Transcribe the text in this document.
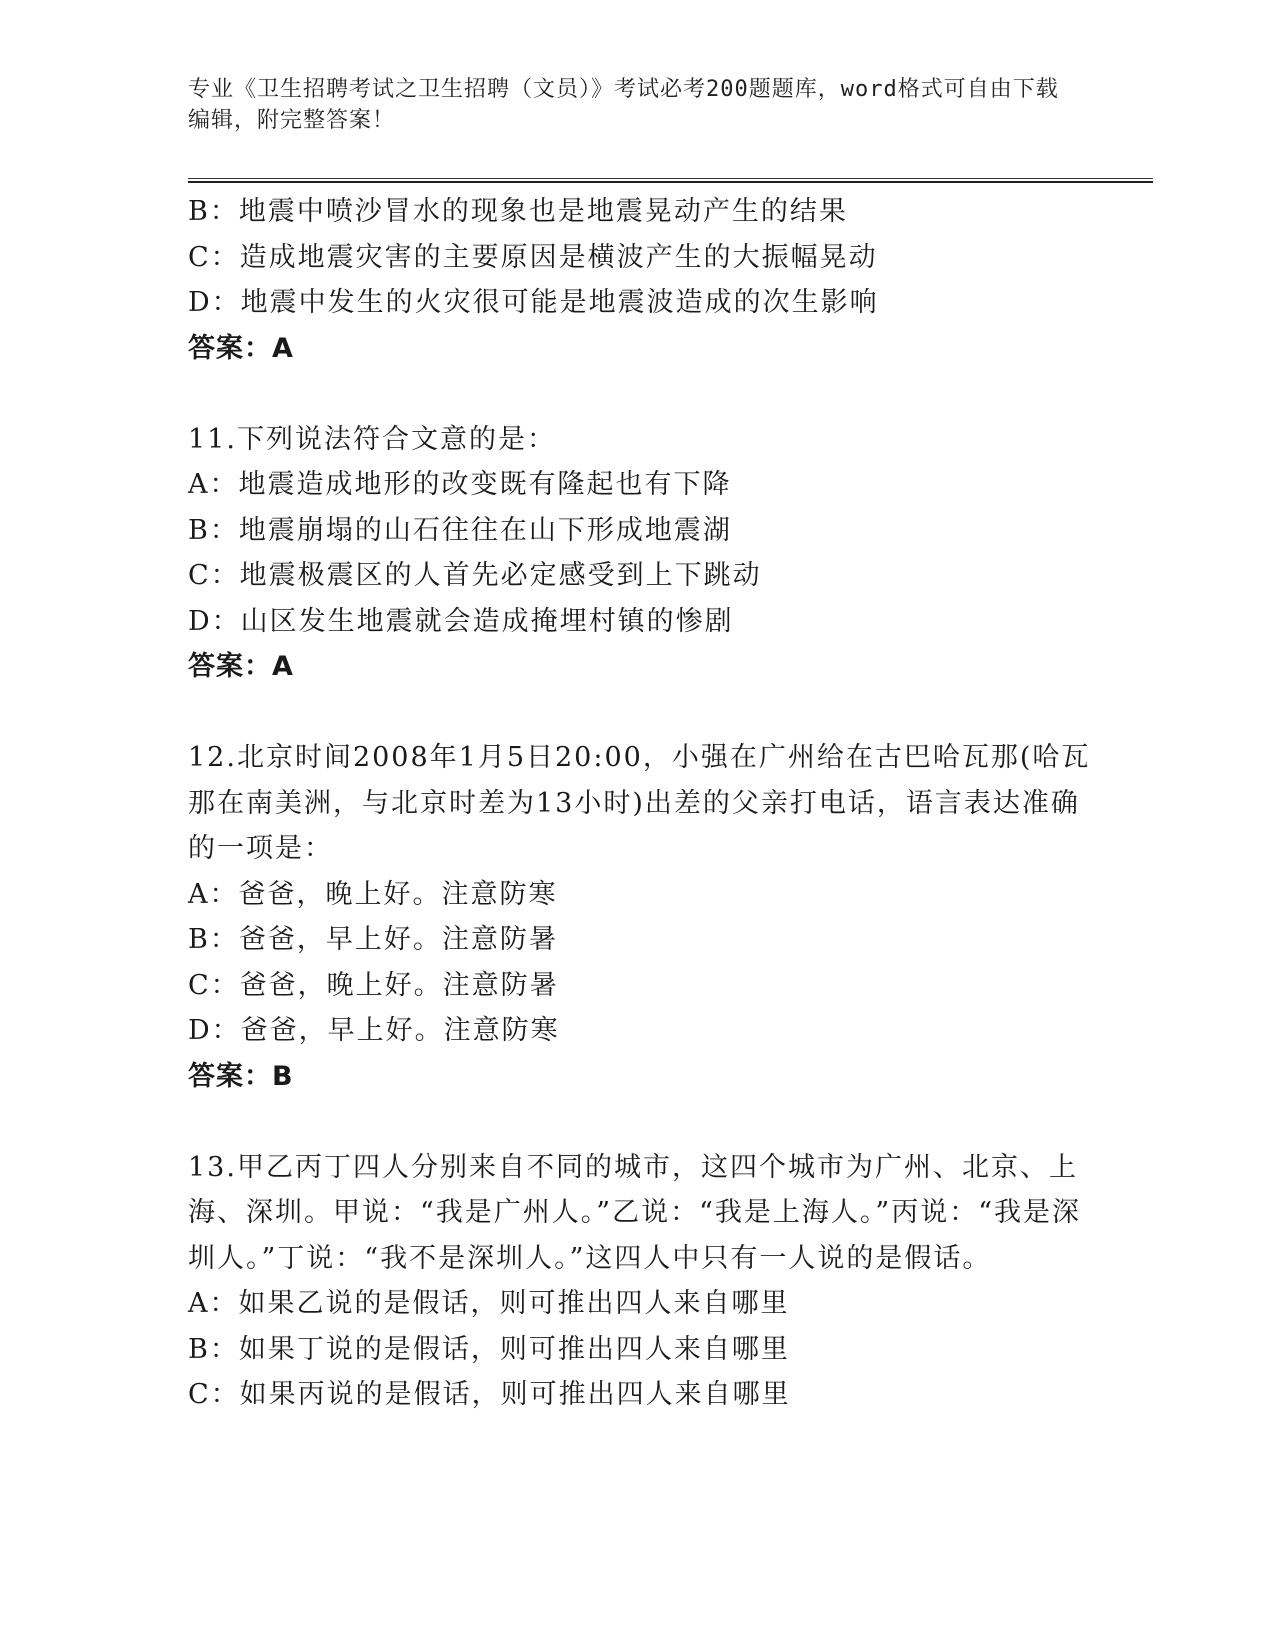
专业《卫生招聘考试之卫生招聘（文员）》考试必考200题题库，word格式可自由下载编辑，附完整答案！

B：地震中喷沙冒水的现象也是地震晃动产生的结果

C：造成地震灾害的主要原因是横波产生的大振幅晃动

D：地震中发生的火灾很可能是地震波造成的次生影响

答案：A

11.下列说法符合文意的是：

A：地震造成地形的改变既有隆起也有下降

B：地震崩塌的山石往往在山下形成地震湖

C：地震极震区的人首先必定感受到上下跳动

D：山区发生地震就会造成掩埋村镇的惨剧

答案：A

12.北京时间2008年1月5日20:00，小强在广州给在古巴哈瓦那(哈瓦那在南美洲，与北京时差为13小时)出差的父亲打电话，语言表达准确的一项是：

A：爸爸，晚上好。注意防寒

B：爸爸，早上好。注意防暑

C：爸爸，晚上好。注意防暑

D：爸爸，早上好。注意防寒

答案：B

13.甲乙丙丁四人分别来自不同的城市，这四个城市为广州、北京、上海、深圳。甲说：“我是广州人。”乙说：“我是上海人。”丙说：“我是深圳人。”丁说：“我不是深圳人。”这四人中只有一人说的是假话。

A：如果乙说的是假话，则可推出四人来自哪里

B：如果丁说的是假话，则可推出四人来自哪里

C：如果丙说的是假话，则可推出四人来自哪里
